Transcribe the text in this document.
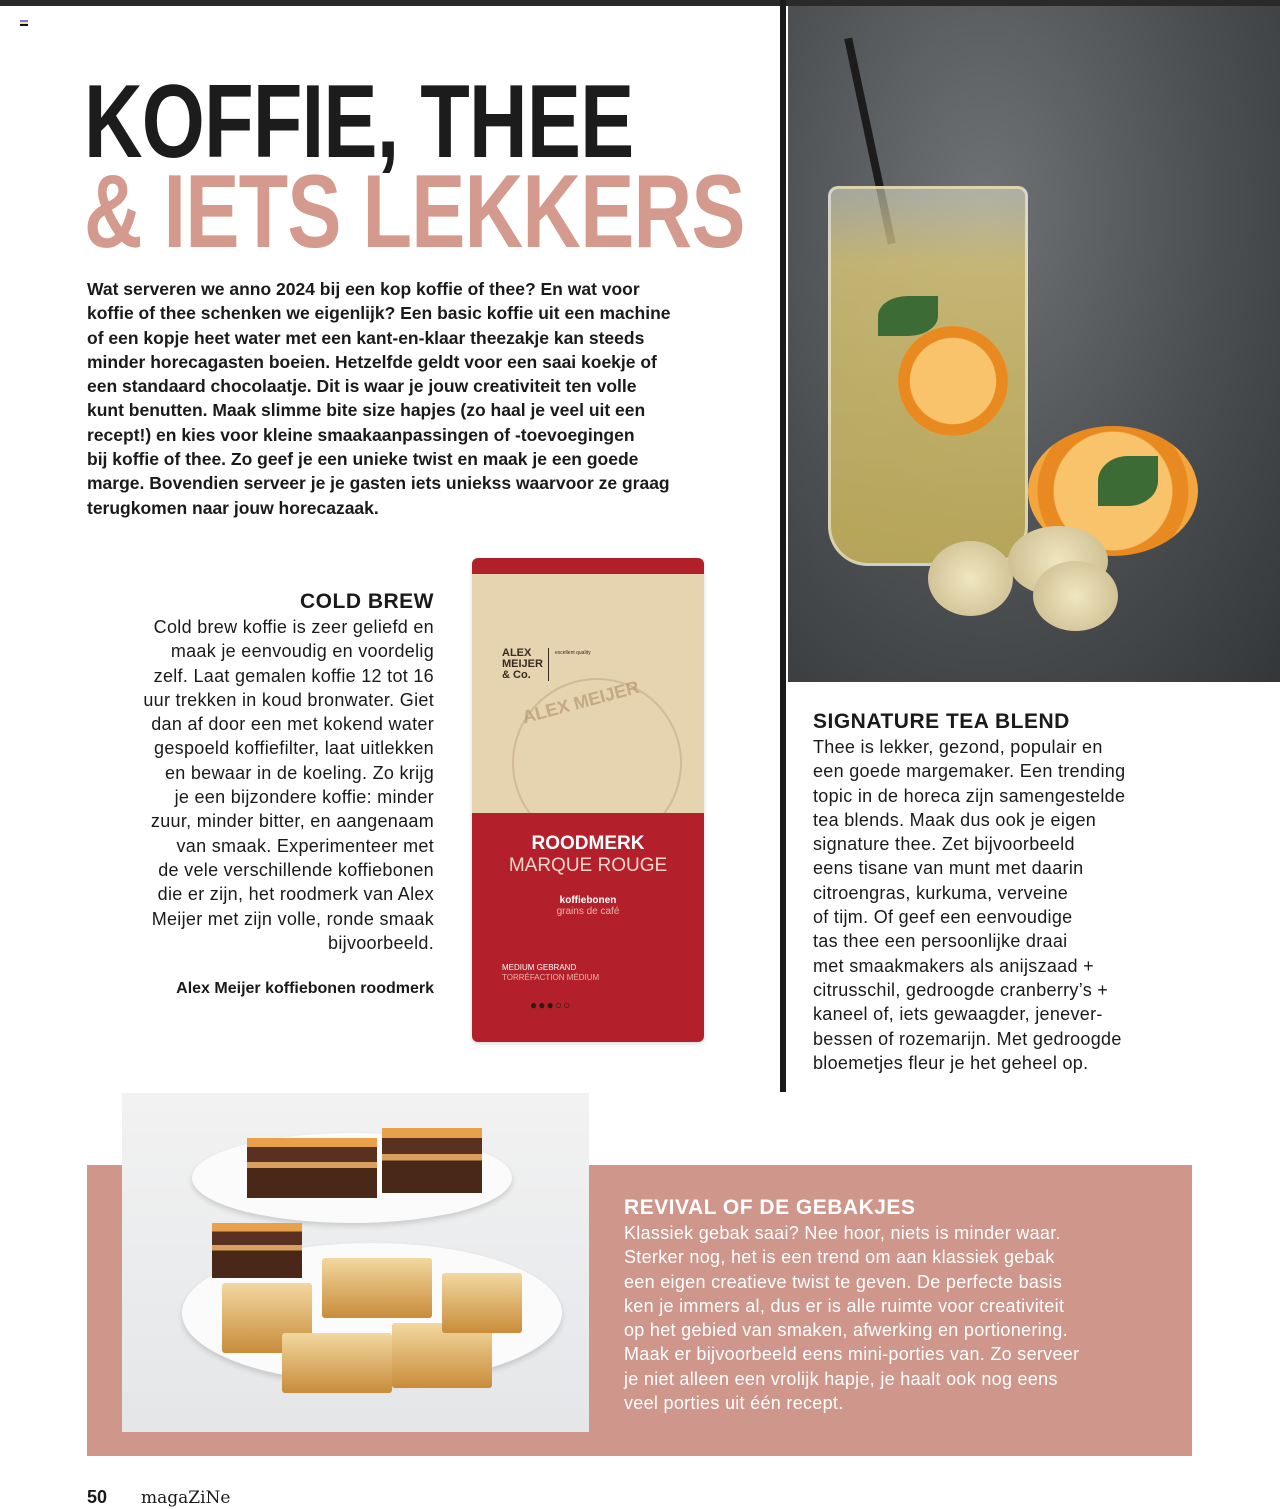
KOFFIE, THEE
& IETS LEKKERS
Wat serveren we anno 2024 bij een kop koffie of thee? En wat voor
koffie of thee schenken we eigenlijk? Een basic koffie uit een machine
of een kopje heet water met een kant-en-klaar theezakje kan steeds
minder horecagasten boeien. Hetzelfde geldt voor een saai koekje of
een standaard chocolaatje. Dit is waar je jouw creativiteit ten volle
kunt benutten. Maak slimme bite size hapjes (zo haal je veel uit een
recept!) en kies voor kleine smaakaanpassingen of -toevoegingen
bij koffie of thee. Zo geef je een unieke twist en maak je een goede
marge. Bovendien serveer je je gasten iets uniekss waarvoor ze graag
terugkomen naar jouw horecazaak.
COLD BREW
Cold brew koffie is zeer geliefd en
maak je eenvoudig en voordelig
zelf. Laat gemalen koffie 12 tot 16
uur trekken in koud bronwater. Giet
dan af door een met kokend water
gespoeld koffiefilter, laat uitlekken
en bewaar in de koeling. Zo krijg
je een bijzondere koffie: minder
zuur, minder bitter, en aangenaam
van smaak. Experimenteer met
de vele verschillende koffiebonen
die er zijn, het roodmerk van Alex
Meijer met zijn volle, ronde smaak
bijvoorbeeld.
Alex Meijer koffiebonen roodmerk
ALEX MEIJER
ALEX
MEIJER
& Co.
excellent quality
ROODMERK
MARQUE ROUGE
koffiebonen
grains de café
MEDIUM GEBRAND
TORRÉFACTION MÉDIUM
●●●○○
SIGNATURE TEA BLEND
Thee is lekker, gezond, populair en
een goede margemaker. Een trending
topic in de horeca zijn samengestelde
tea blends. Maak dus ook je eigen
signature thee. Zet bijvoorbeeld
eens tisane van munt met daarin
citroengras, kurkuma, verveine
of tijm. Of geef een eenvoudige
tas thee een persoonlijke draai
met smaakmakers als anijszaad +
citrusschil, gedroogde cranberry’s +
kaneel of, iets gewaagder, jenever-
bessen of rozemarijn. Met gedroogde
bloemetjes fleur je het geheel op.
REVIVAL OF DE GEBAKJES
Klassiek gebak saai? Nee hoor, niets is minder waar.
Sterker nog, het is een trend om aan klassiek gebak
een eigen creatieve twist te geven. De perfecte basis
ken je immers al, dus er is alle ruimte voor creativiteit
op het gebied van smaken, afwerking en portionering.
Maak er bijvoorbeeld eens mini-porties van. Zo serveer
je niet alleen een vrolijk hapje, je haalt ook nog eens
veel porties uit één recept.
50 magaZiNe
